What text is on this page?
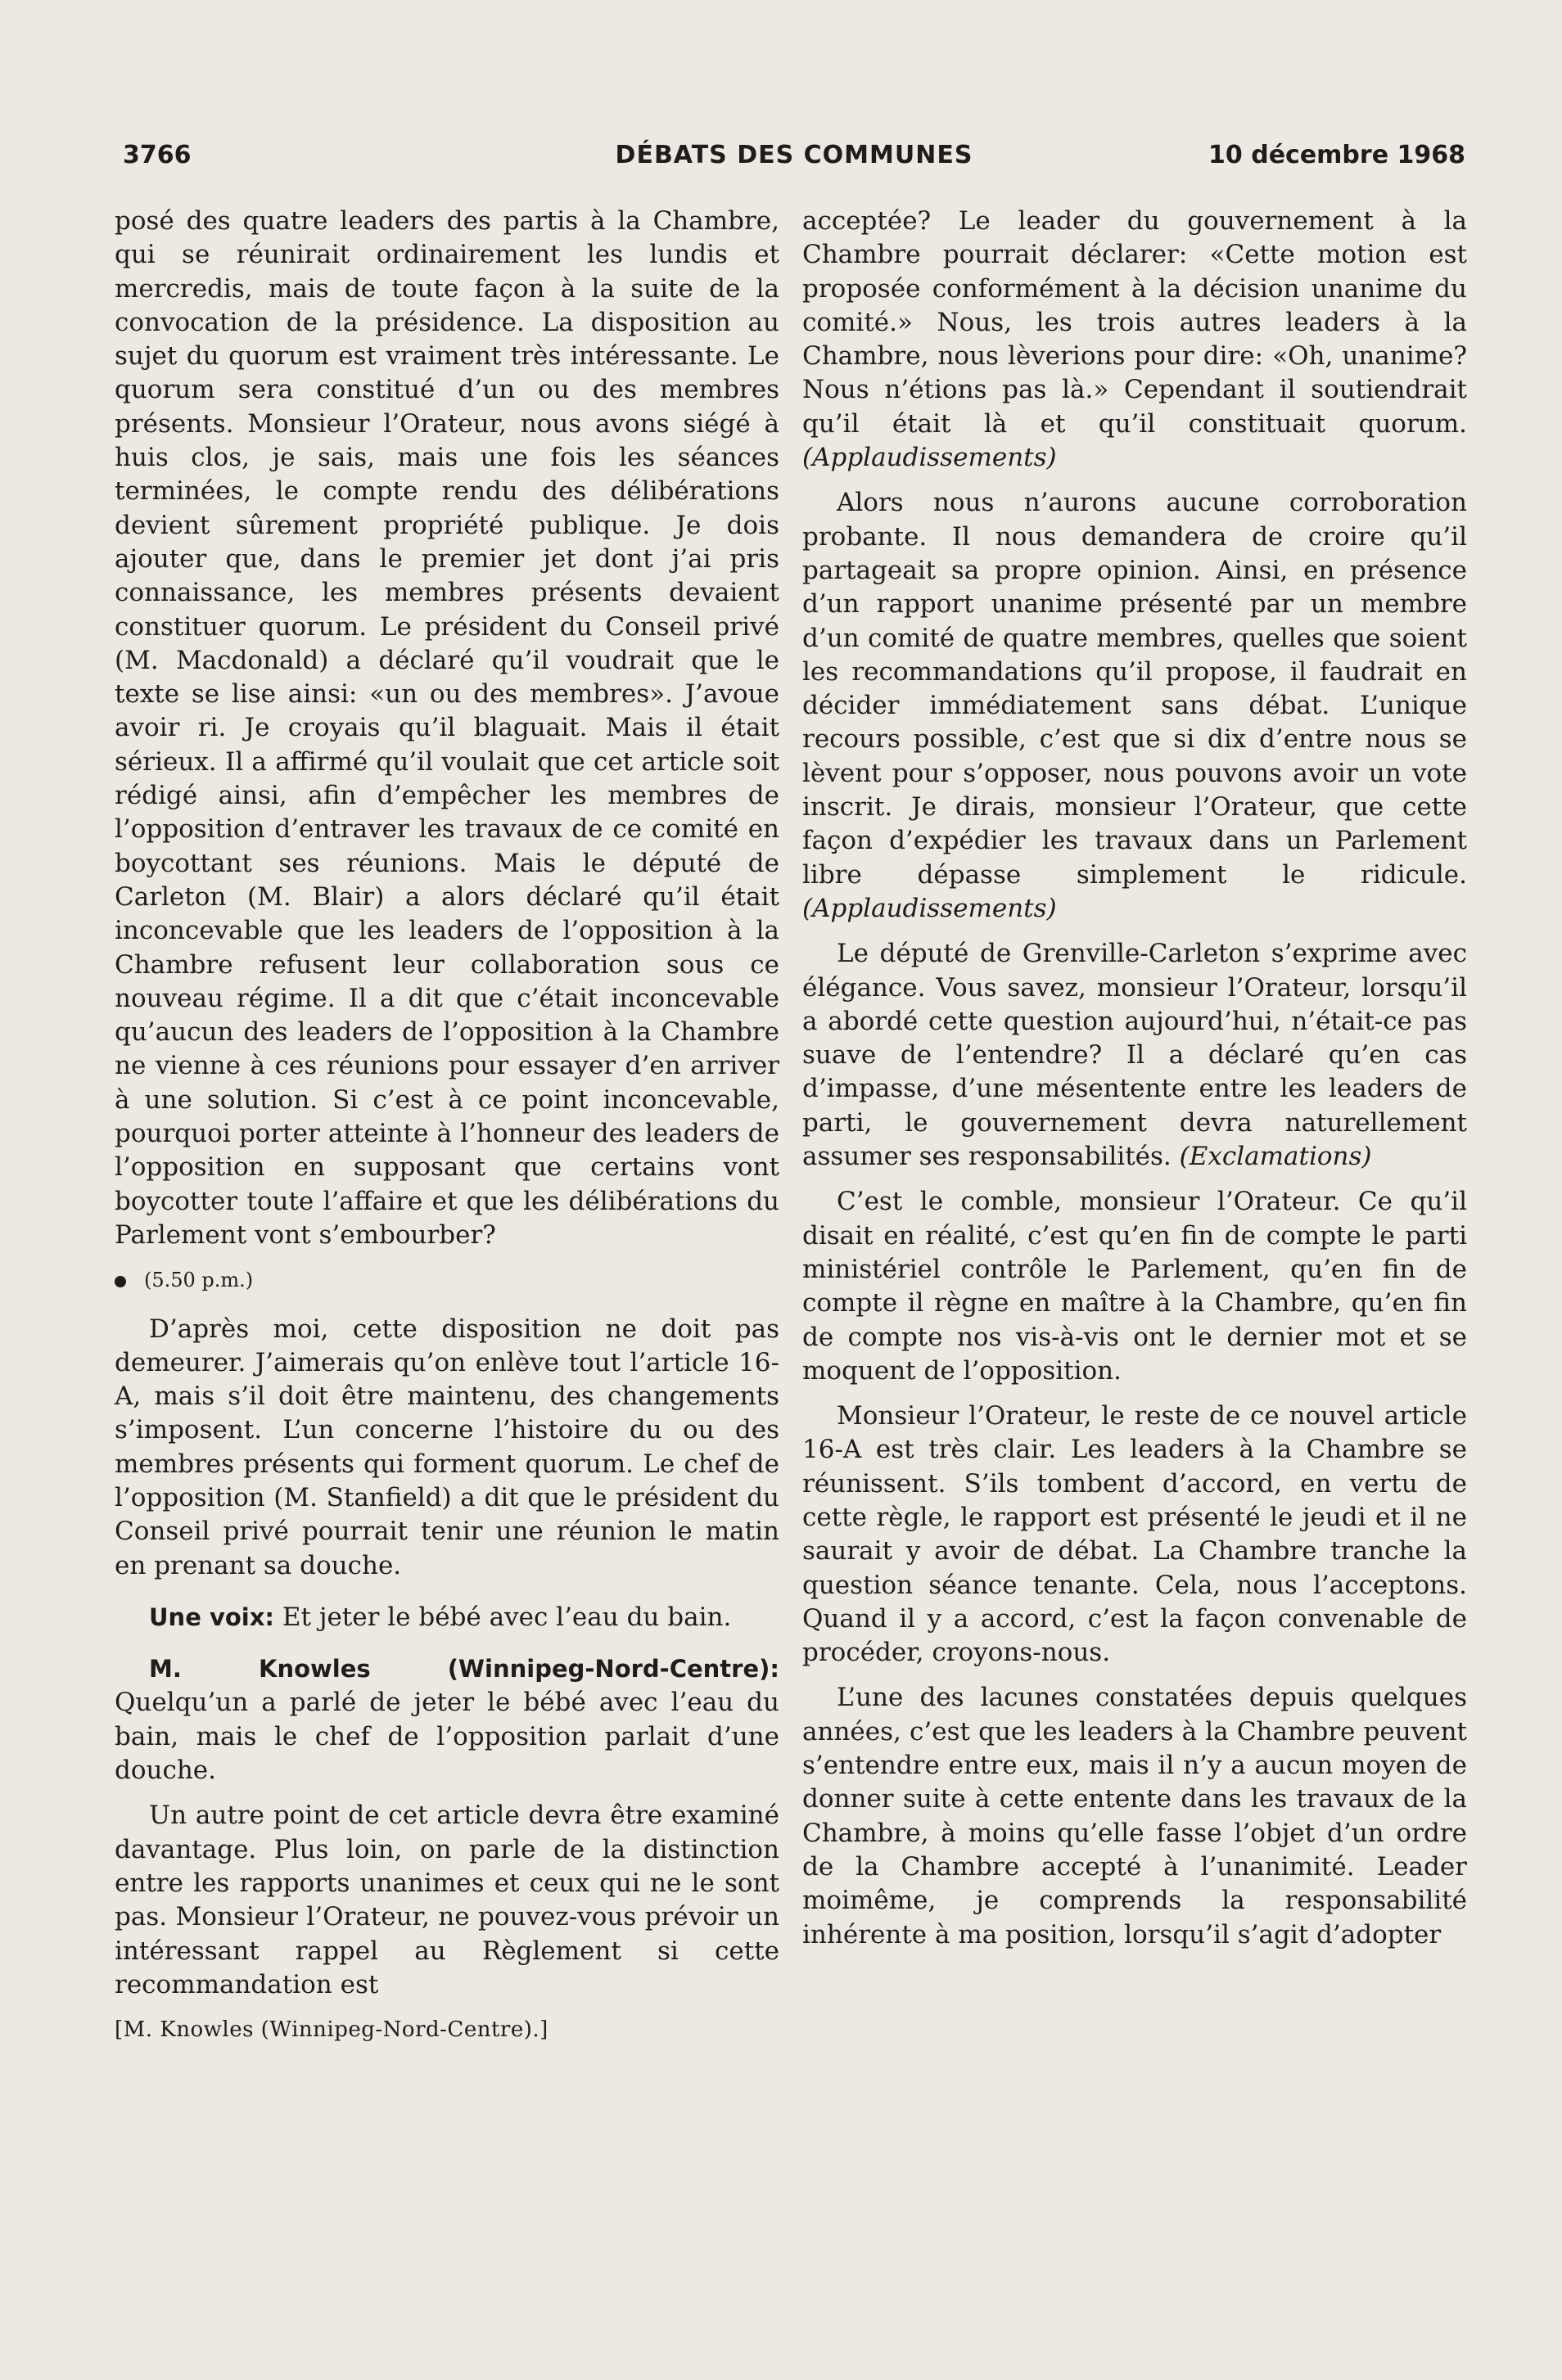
3766	DÉBATS DES COMMUNES	10 décembre 1968

posé des quatre leaders des partis à la Chambre, qui se réunirait ordinairement les lundis et mercredis, mais de toute façon à la suite de la convocation de la présidence. La disposition au sujet du quorum est vraiment très intéressante. Le quorum sera constitué d’un ou des membres présents. Monsieur l’Orateur, nous avons siégé à huis clos, je sais, mais une fois les séances terminées, le compte rendu des délibérations devient sûrement propriété publique. Je dois ajouter que, dans le premier jet dont j’ai pris connaissance, les membres présents devaient constituer quorum. Le président du Conseil privé (M. Macdonald) a déclaré qu’il voudrait que le texte se lise ainsi: «un ou des membres». J’avoue avoir ri. Je croyais qu’il blaguait. Mais il était sérieux. Il a affirmé qu’il voulait que cet article soit rédigé ainsi, afin d’empêcher les membres de l’opposition d’entraver les travaux de ce comité en boycottant ses réunions. Mais le député de Carleton (M. Blair) a alors déclaré qu’il était inconcevable que les leaders de l’opposition à la Chambre refusent leur collaboration sous ce nouveau régime. Il a dit que c’était inconcevable qu’aucun des leaders de l’opposition à la Chambre ne vienne à ces réunions pour essayer d’en arriver à une solution. Si c’est à ce point inconcevable, pourquoi porter atteinte à l’honneur des leaders de l’opposition en supposant que certains vont boycotter toute l’affaire et que les délibérations du Parlement vont s’embourber?

(5.50 p.m.)

D’après moi, cette disposition ne doit pas demeurer. J’aimerais qu’on enlève tout l’article 16-A, mais s’il doit être maintenu, des changements s’imposent. L’un concerne l’histoire du ou des membres présents qui forment quorum. Le chef de l’opposition (M. Stanfield) a dit que le président du Conseil privé pourrait tenir une réunion le matin en prenant sa douche.

Une voix: Et jeter le bébé avec l’eau du bain.

M. Knowles (Winnipeg-Nord-Centre): Quelqu’un a parlé de jeter le bébé avec l’eau du bain, mais le chef de l’opposition parlait d’une douche.

Un autre point de cet article devra être examiné davantage. Plus loin, on parle de la distinction entre les rapports unanimes et ceux qui ne le sont pas. Monsieur l’Orateur, ne pouvez-vous prévoir un intéressant rappel au Règlement si cette recommandation est

[M. Knowles (Winnipeg-Nord-Centre).]

acceptée? Le leader du gouvernement à la Chambre pourrait déclarer: «Cette motion est proposée conformément à la décision unanime du comité.» Nous, les trois autres leaders à la Chambre, nous lèverions pour dire: «Oh, unanime? Nous n’étions pas là.» Cependant il soutiendrait qu’il était là et qu’il constituait quorum. (Applaudissements)

Alors nous n’aurons aucune corroboration probante. Il nous demandera de croire qu’il partageait sa propre opinion. Ainsi, en présence d’un rapport unanime présenté par un membre d’un comité de quatre membres, quelles que soient les recommandations qu’il propose, il faudrait en décider immédiatement sans débat. L’unique recours possible, c’est que si dix d’entre nous se lèvent pour s’opposer, nous pouvons avoir un vote inscrit. Je dirais, monsieur l’Orateur, que cette façon d’expédier les travaux dans un Parlement libre dépasse simplement le ridicule. (Applaudissements)

Le député de Grenville-Carleton s’exprime avec élégance. Vous savez, monsieur l’Orateur, lorsqu’il a abordé cette question aujourd’hui, n’était-ce pas suave de l’entendre? Il a déclaré qu’en cas d’impasse, d’une mésentente entre les leaders de parti, le gouvernement devra naturellement assumer ses responsabilités. (Exclamations)

C’est le comble, monsieur l’Orateur. Ce qu’il disait en réalité, c’est qu’en fin de compte le parti ministériel contrôle le Parlement, qu’en fin de compte il règne en maître à la Chambre, qu’en fin de compte nos vis-à-vis ont le dernier mot et se moquent de l’opposition.

Monsieur l’Orateur, le reste de ce nouvel article 16-A est très clair. Les leaders à la Chambre se réunissent. S’ils tombent d’accord, en vertu de cette règle, le rapport est présenté le jeudi et il ne saurait y avoir de débat. La Chambre tranche la question séance tenante. Cela, nous l’acceptons. Quand il y a accord, c’est la façon convenable de procéder, croyons-nous.

L’une des lacunes constatées depuis quelques années, c’est que les leaders à la Chambre peuvent s’entendre entre eux, mais il n’y a aucun moyen de donner suite à cette entente dans les travaux de la Chambre, à moins qu’elle fasse l’objet d’un ordre de la Chambre accepté à l’unanimité. Leader moimême, je comprends la responsabilité inhérente à ma position, lorsqu’il s’agit d’adopter
